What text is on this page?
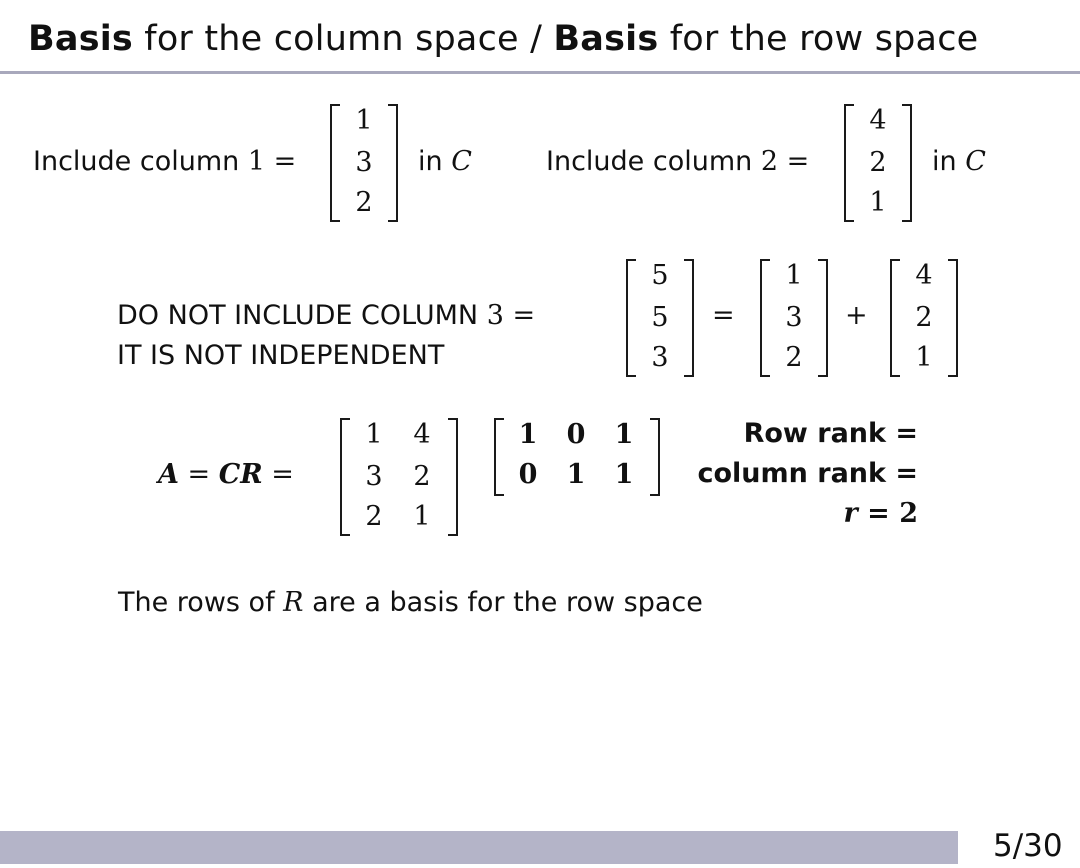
Basis for the column space / Basis for the row space
Include column 1 =
1
3
2
in C	Include column 2 =
4
2
1
in C
DO NOT INCLUDE COLUMN 3 =
IT IS NOT INDEPENDENT
5
5
3
=
1
3
2
+
4
2
1
A = CR =
1	4
3	2
2	1
1	0	1
0	1	1
Row rank =
column rank =
r = 2
The rows of R are a basis for the row space
5/30
